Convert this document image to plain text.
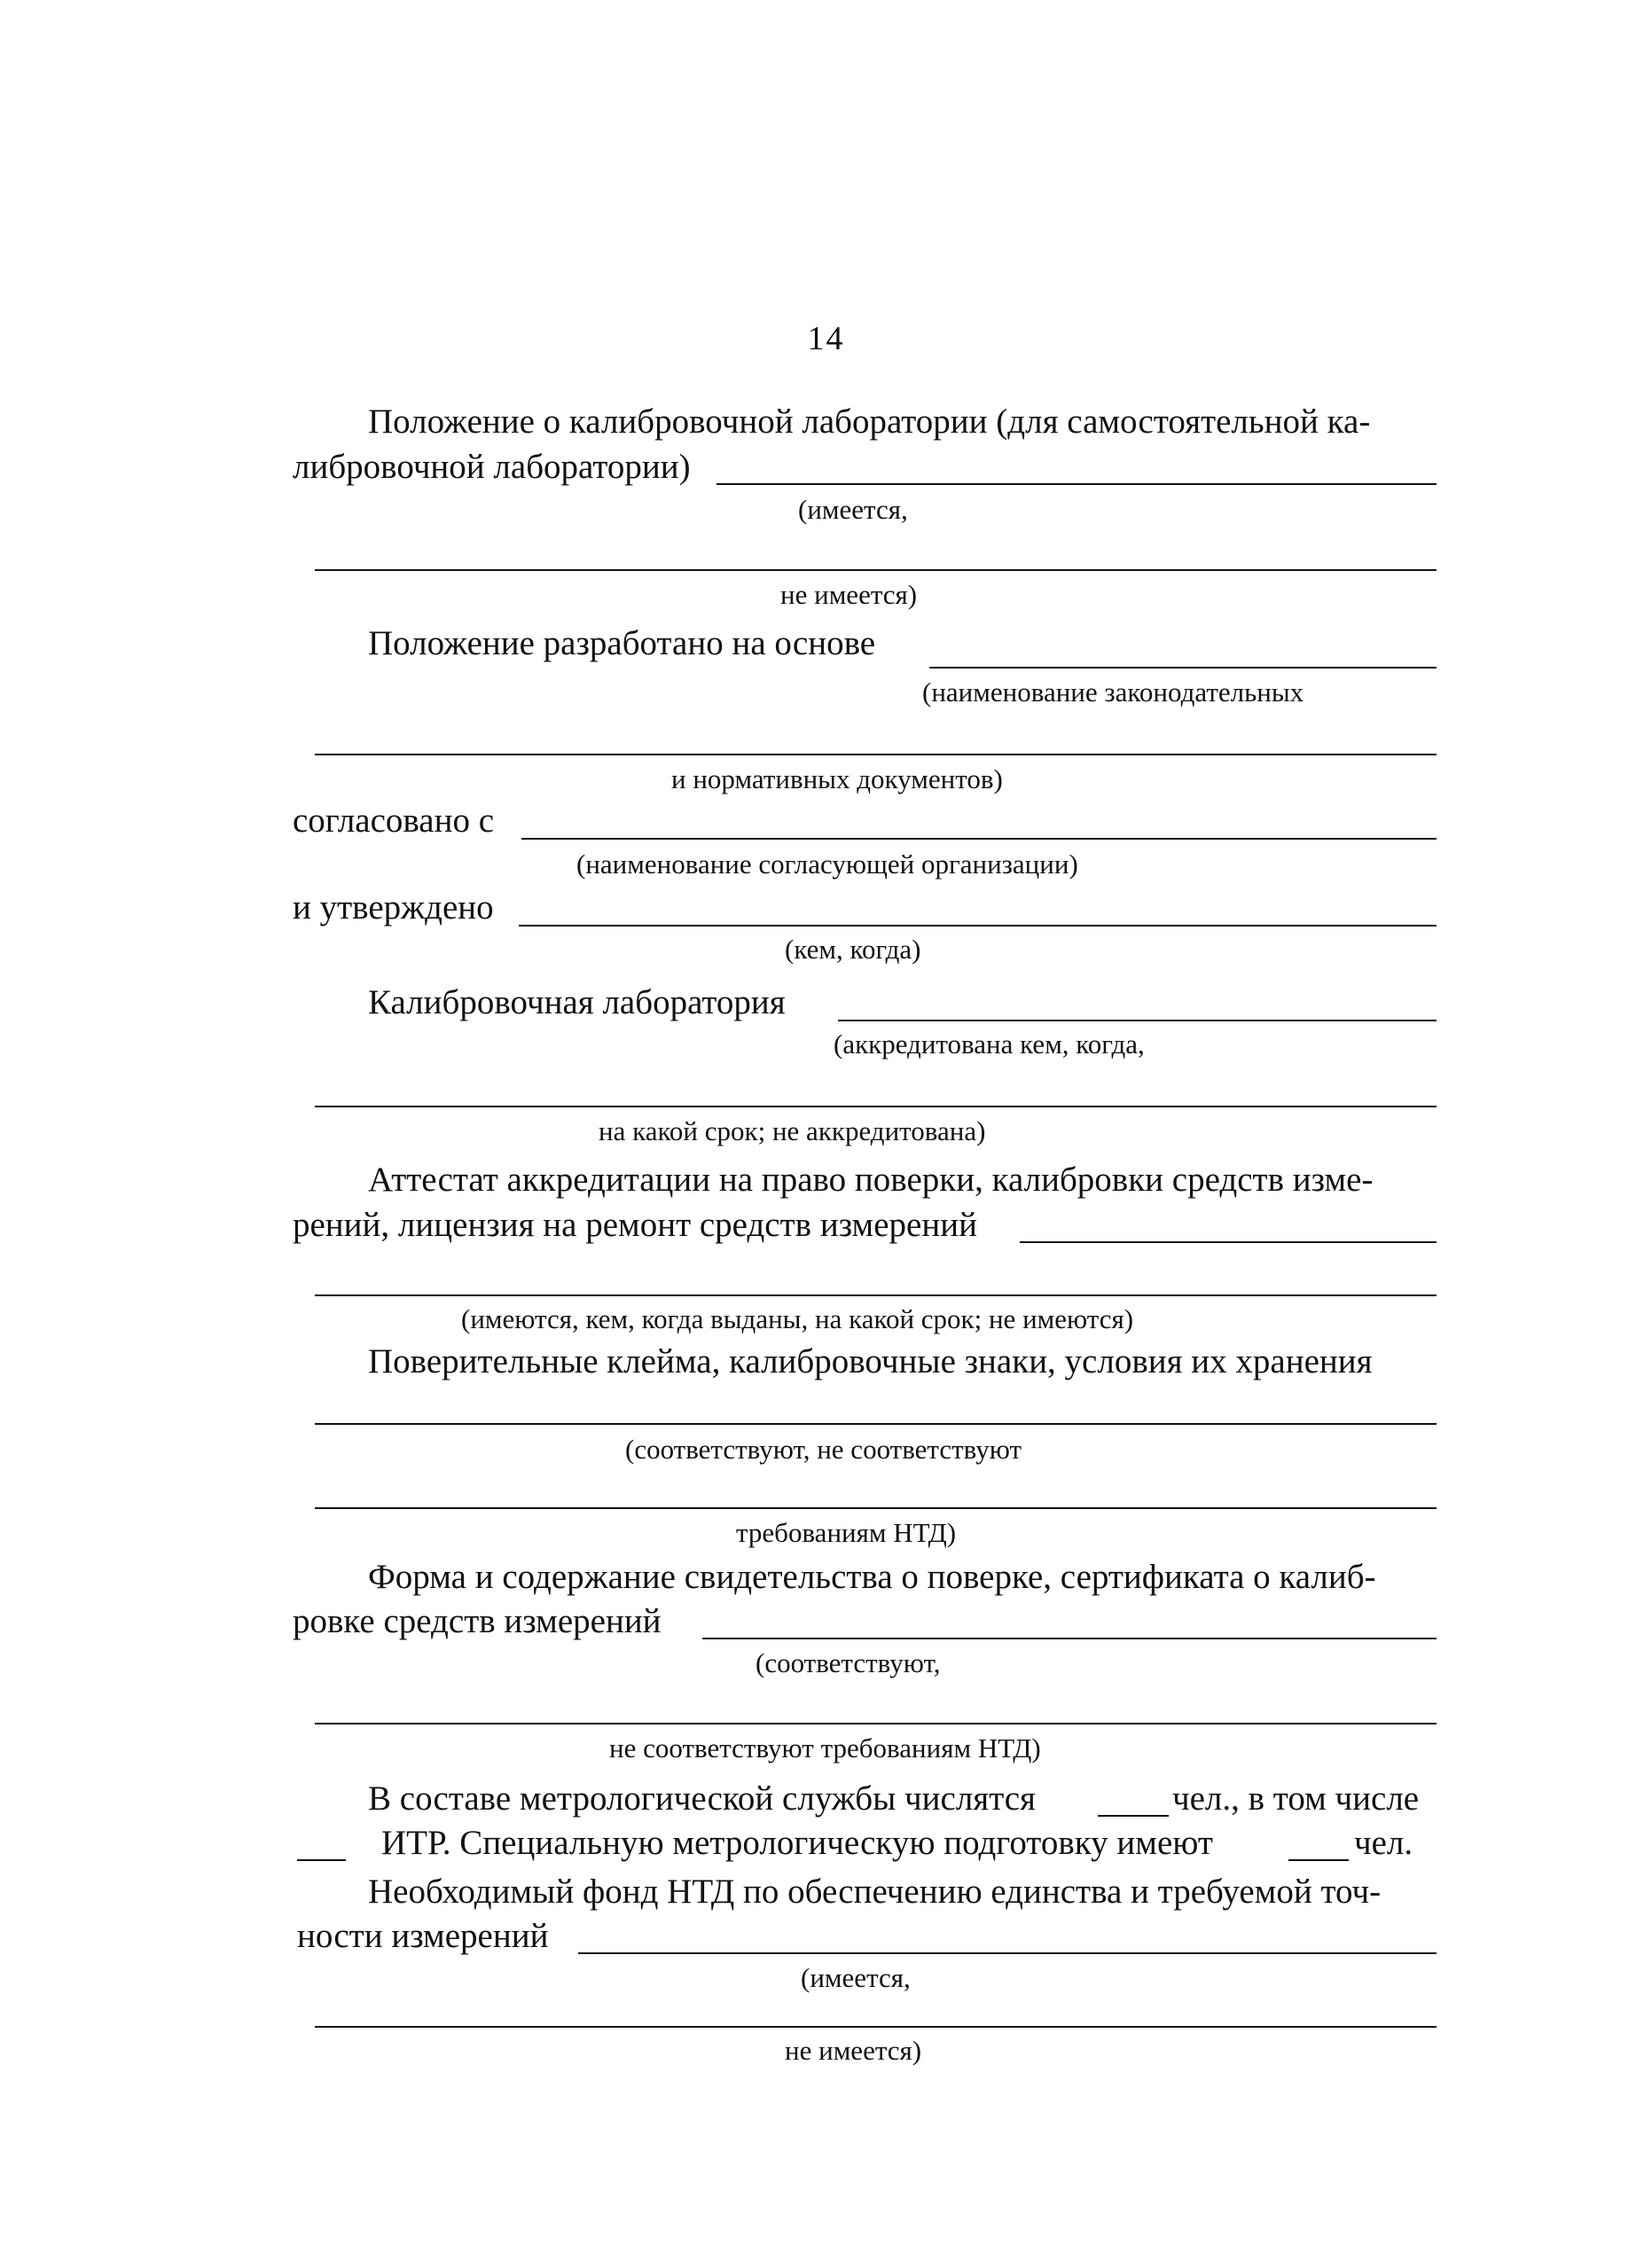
14
Положение о калибровочной лаборатории (для самостоятельной ка-
либровочной лаборатории)
(имеется,
не имеется)
Положение разработано на основе
(наименование законодательных
и нормативных документов)
согласовано с
(наименование согласующей организации)
и утверждено
(кем, когда)
Калибровочная лаборатория
(аккредитована кем, когда,
на какой срок; не аккредитована)
Аттестат аккредитации на право поверки, калибровки средств изме-
рений, лицензия на ремонт средств измерений
(имеются, кем, когда выданы, на какой срок; не имеются)
Поверительные клейма, калибровочные знаки, условия их хранения
(соответствуют, не соответствуют
требованиям НТД)
Форма и содержание свидетельства о поверке, сертификата о калиб-
ровке средств измерений
(соответствуют,
не соответствуют требованиям НТД)
В составе метрологической службы числятся	чел., в том числе
ИТР. Специальную метрологическую подготовку имеют	чел.
Необходимый фонд НТД по обеспечению единства и требуемой точ-
ности измерений
(имеется,
не имеется)
